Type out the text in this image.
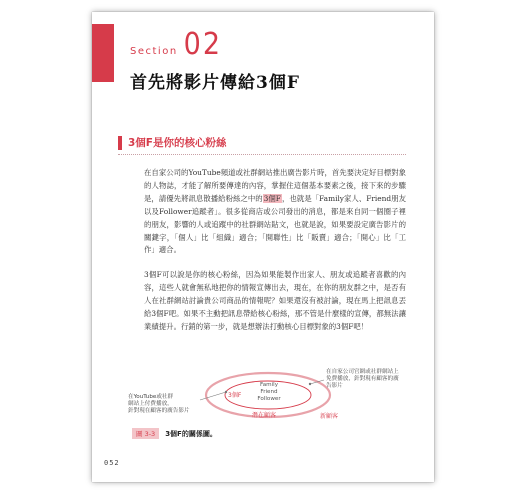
Section 02
首先將影片傳給3個F
3個F是你的核心粉絲

在自家公司的YouTube頻道或社群網站推出廣告影片時，首先要決定好目標對象的人物誌，才能了解所要傳達的內容，掌握住這個基本要素之後，接下來的步驟是，請優先將訊息散播給粉絲之中的3個F，也就是「Family家人、Friend朋友以及Follower追蹤者」。很多從商店或公司發出的消息，都是來自同一個圈子裡的朋友，影響的人或追蹤中的社群網站貼文，也就是說，如果要設定廣告影片的關鍵字，「個人」比「組織」適合；「開聯性」比「販賣」適合；「開心」比「工作」適合。

3個F可以說是你的核心粉絲，因為如果能製作出家人、朋友或追蹤者喜歡的內容，這些人就會無私地把你的情報宣傳出去，現在，在你的朋友群之中，是否有人在社群網站討論貴公司商品的情報呢？如果還沒有被討論，現在馬上把訊息丟給3個F吧。如果不主動把訊息帶給核心粉絲，那不管是什麼樣的宣傳，都無法讓業績提升。行銷的第一步，就是想辦法打動核心目標對象的3個F吧！

在YouTube或社群
網站上付費播放，
針對現在顧客的廣告影片
在自家公司官網或社群網站上
免費播放，針對現有顧客的廣
告影片
3個F
Family
Friend
Follower
潛在顧客	新顧客
圖 3-3	3個F的關係圖。
052
